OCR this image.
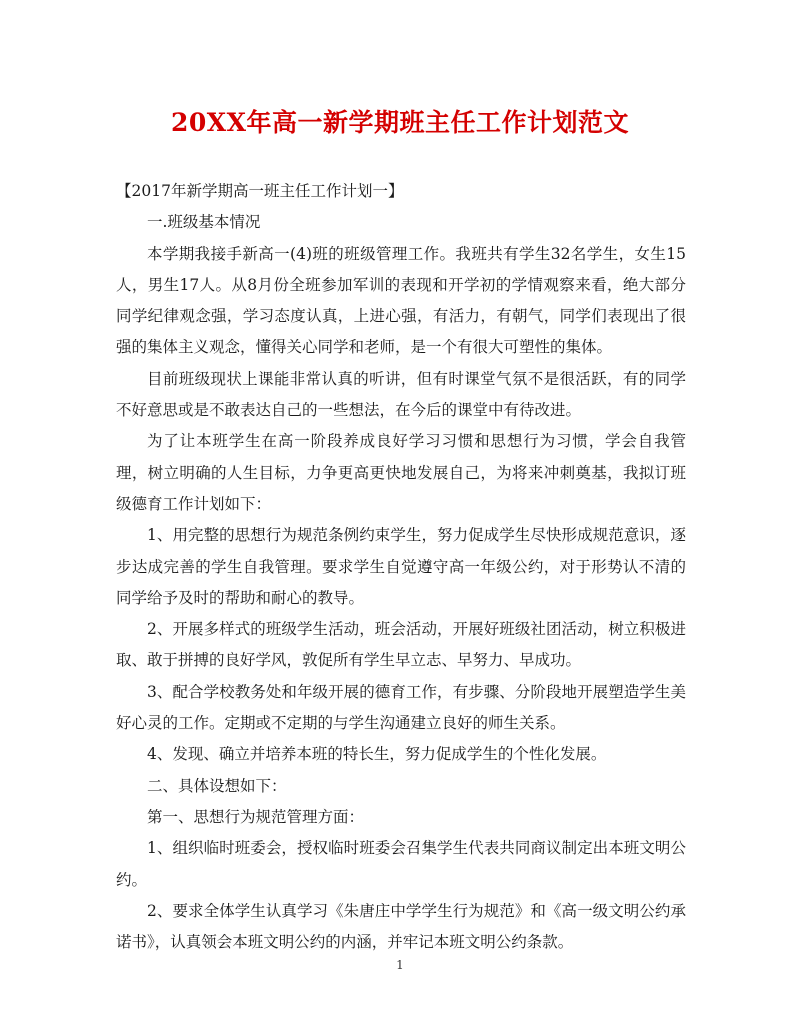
20XX年高一新学期班主任工作计划范文

【2017年新学期高一班主任工作计划一】

一.班级基本情况

本学期我接手新高一(4)班的班级管理工作。我班共有学生32名学生，女生15人，男生17人。从8月份全班参加军训的表现和开学初的学情观察来看，绝大部分同学纪律观念强，学习态度认真，上进心强，有活力，有朝气，同学们表现出了很强的集体主义观念，懂得关心同学和老师，是一个有很大可塑性的集体。

目前班级现状上课能非常认真的听讲，但有时课堂气氛不是很活跃，有的同学不好意思或是不敢表达自己的一些想法，在今后的课堂中有待改进。

为了让本班学生在高一阶段养成良好学习习惯和思想行为习惯，学会自我管理，树立明确的人生目标，力争更高更快地发展自己，为将来冲刺奠基，我拟订班级德育工作计划如下：

1、用完整的思想行为规范条例约束学生，努力促成学生尽快形成规范意识，逐步达成完善的学生自我管理。要求学生自觉遵守高一年级公约，对于形势认不清的同学给予及时的帮助和耐心的教导。

2、开展多样式的班级学生活动，班会活动，开展好班级社团活动，树立积极进取、敢于拼搏的良好学风，敦促所有学生早立志、早努力、早成功。

3、配合学校教务处和年级开展的德育工作，有步骤、分阶段地开展塑造学生美好心灵的工作。定期或不定期的与学生沟通建立良好的师生关系。

4、发现、确立并培养本班的特长生，努力促成学生的个性化发展。

二、具体设想如下：

第一、思想行为规范管理方面：

1、组织临时班委会，授权临时班委会召集学生代表共同商议制定出本班文明公约。

2、要求全体学生认真学习《朱唐庄中学学生行为规范》和《高一级文明公约承诺书》，认真领会本班文明公约的内涵，并牢记本班文明公约条款。

1
